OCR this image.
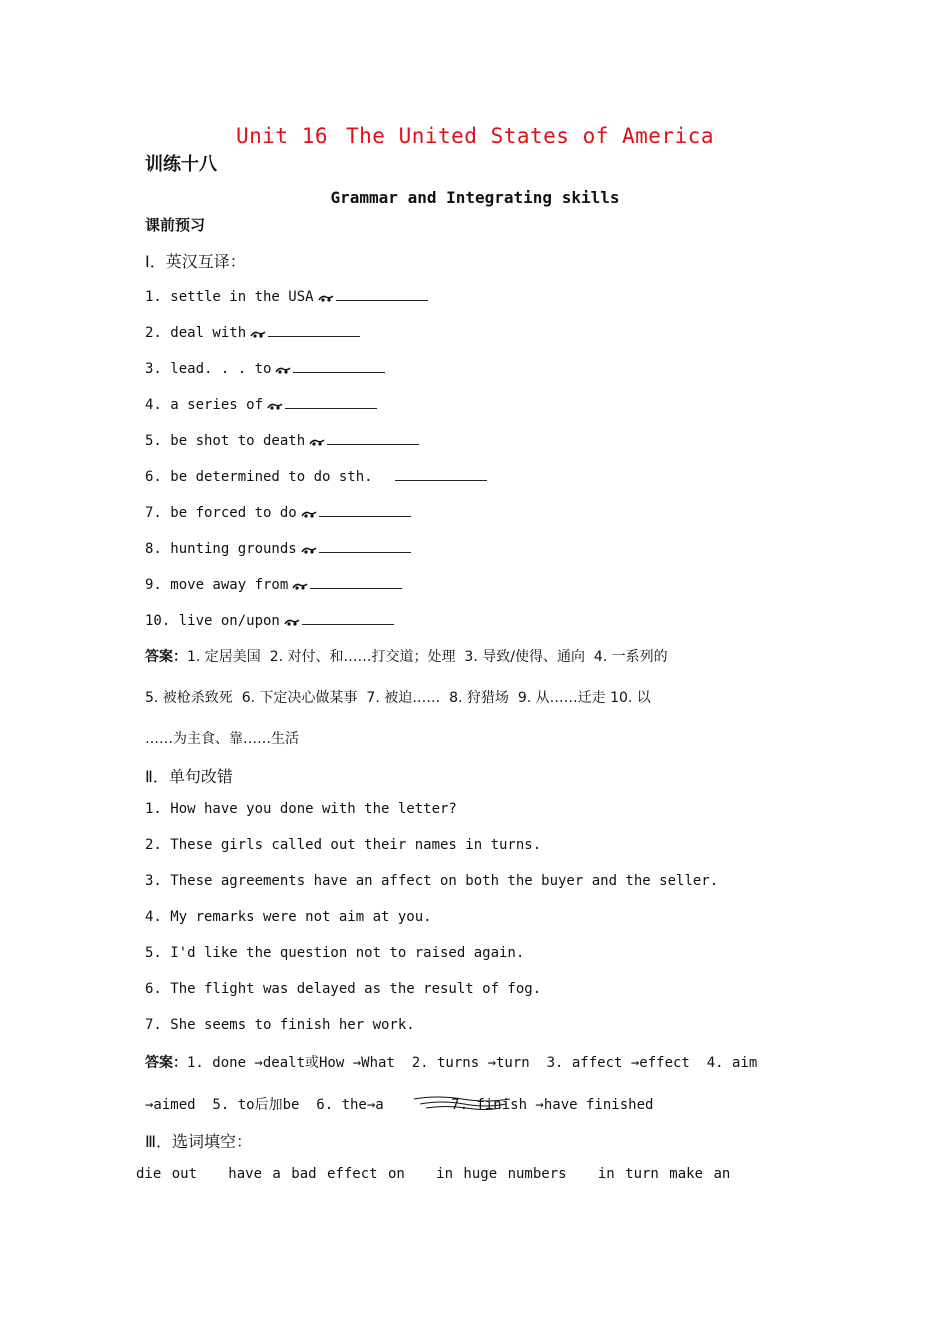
Unit 16 The United States of America
训练十八
Grammar and Integrating skills
课前预习
Ⅰ．英汉互译：
1. settle in the USA
2. deal with
3. lead. . . to
4. a series of
5. be shot to death
6. be determined to do sth.
7. be forced to do
8. hunting grounds
9. move away from
10. live on/upon
答案：1. 定居美国  2. 对付、和……打交道；处理  3. 导致/使得、通向  4. 一系列的
5. 被枪杀致死  6. 下定决心做某事  7. 被迫……  8. 狩猎场  9. 从……迁走 10. 以
……为主食、靠……生活
Ⅱ．单句改错
1. How have you done with the letter?
2. These girls called out their names in turns.
3. These agreements have an affect on both the buyer and the seller.
4. My remarks were not aim at you.
5. I'd like the question not to raised again.
6. The flight was delayed as the result of fog.
7. She seems to finish her work.
答案：1. done →dealt或How →What  2. turns →turn  3. affect →effect  4. aim
→aimed  5. to后加be  6. the→a        7. finish →have finished
Ⅲ．选词填空：
die out   have a bad effect on   in huge numbers   in turn make an
